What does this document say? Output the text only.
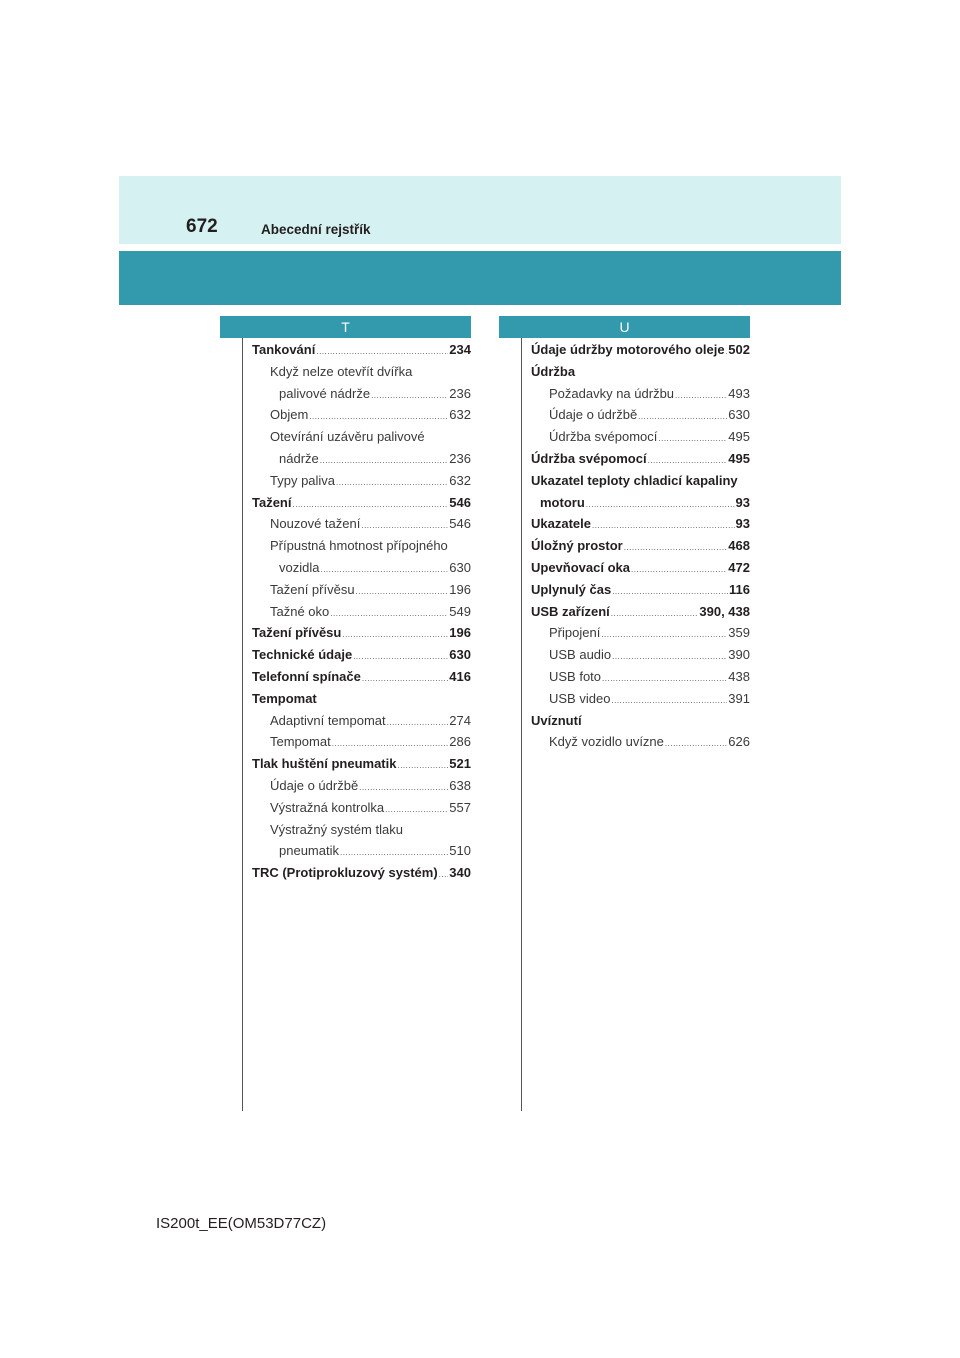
672	Abecední rejstřík
T	U
Tankování .....	234
Když nelze otevřít dvířka
palivové nádrže .....	236
Objem .....	632
Otevírání uzávěru palivové
nádrže .....	236
Typy paliva .....	632
Tažení .....	546
Nouzové tažení .....	546
Přípustná hmotnost přípojného
vozidla .....	630
Tažení přívěsu .....	196
Tažné oko .....	549
Tažení přívěsu .....	196
Technické údaje .....	630
Telefonní spínače .....	416
Tempomat
Adaptivní tempomat .....	274
Tempomat .....	286
Tlak huštění pneumatik .....	521
Údaje o údržbě .....	638
Výstražná kontrolka .....	557
Výstražný systém tlaku
pneumatik .....	510
TRC (Protiprokluzový systém) ..... 340
Údaje údržby motorového oleje ..... 502
Údržba
Požadavky na údržbu .....	493
Údaje o údržbě .....	630
Údržba svépomocí .....	495
Údržba svépomocí .....	495
Ukazatel teploty chladicí kapaliny
motoru .....	93
Ukazatele .....	93
Úložný prostor .....	468
Upevňovací oka .....	472
Uplynulý čas .....	116
USB zařízení .....	390, 438
Připojení .....	359
USB audio .....	390
USB foto .....	438
USB video .....	391
Uvíznutí
Když vozidlo uvízne .....	626
IS200t_EE(OM53D77CZ)
